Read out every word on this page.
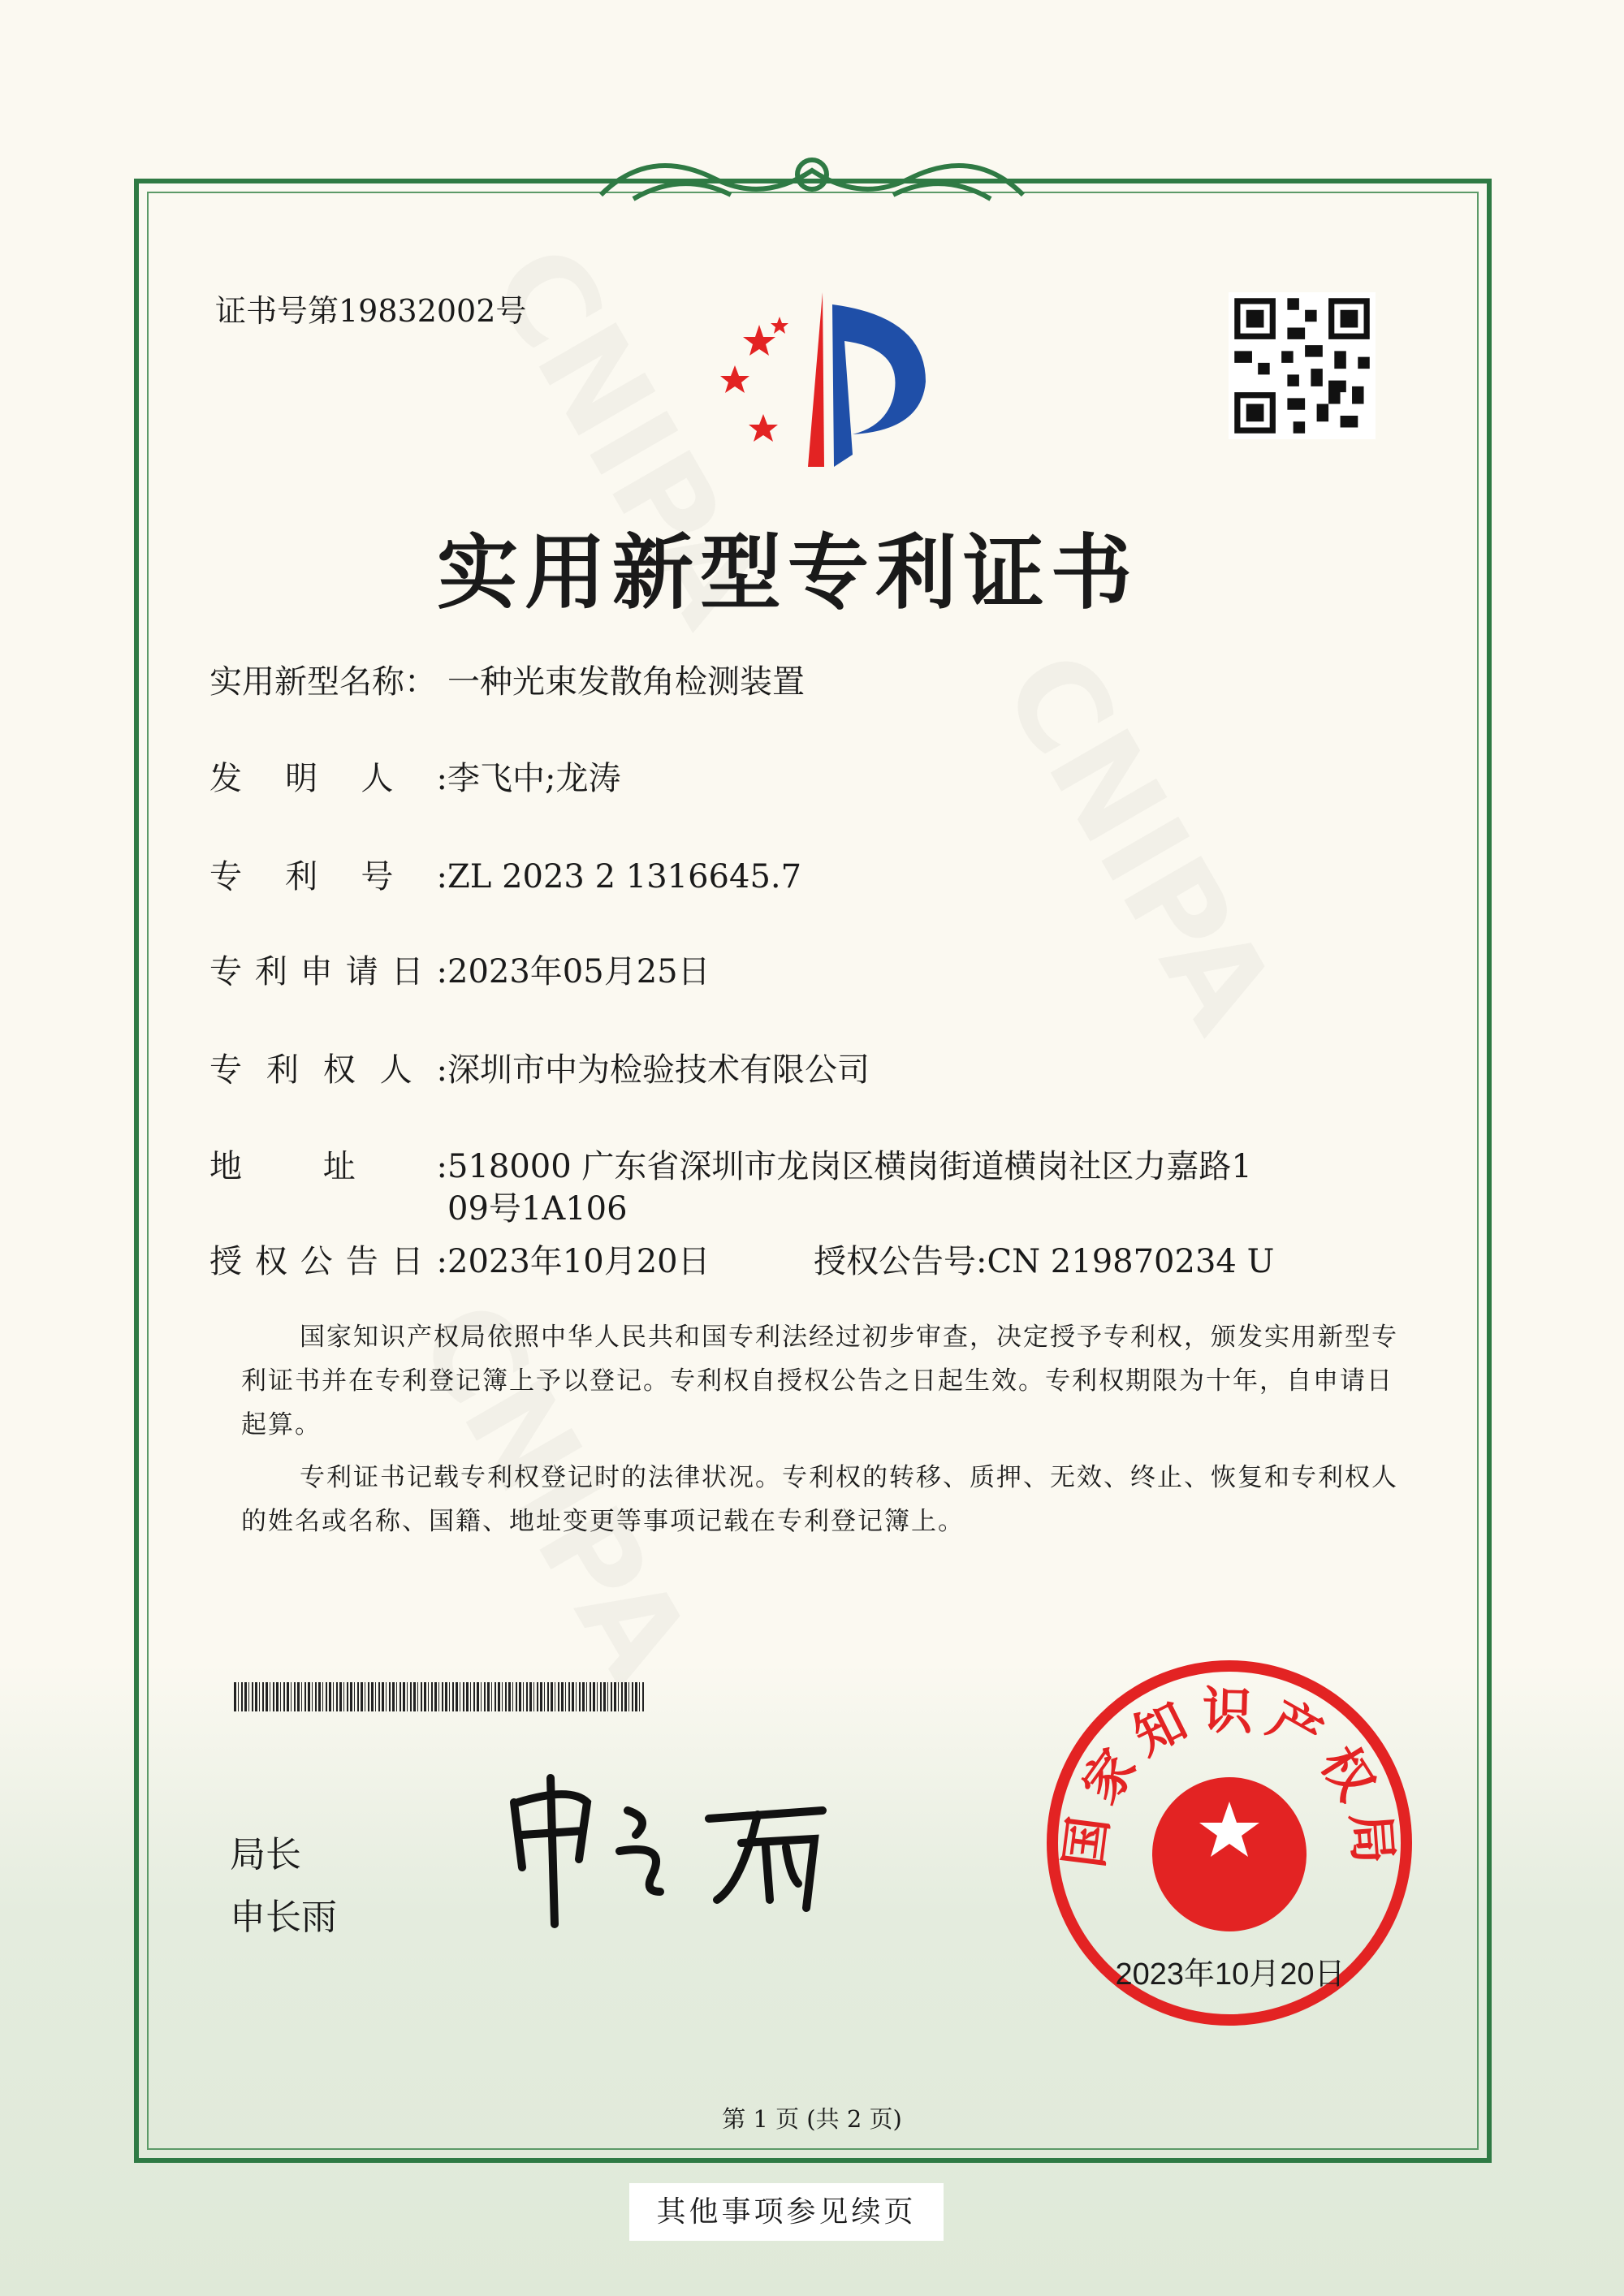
证书号第19832002号
实用新型专利证书
实用新型名称： 一种光束发散角检测装置
发明人:李飞中;龙涛
专利号:ZL 2023 2 1316645.7
专利申请日:2023年05月25日
专利权人:深圳市中为检验技术有限公司
地址:518000 广东省深圳市龙岗区横岗街道横岗社区力嘉路1
09号1A106
授权公告日:2023年10月20日	授权公告号:CN 219870234 U
国家知识产权局依照中华人民共和国专利法经过初步审查，决定授予专利权，颁发实用新型专利证书并在专利登记簿上予以登记。专利权自授权公告之日起生效。专利权期限为十年，自申请日起算。
专利证书记载专利权登记时的法律状况。专利权的转移、质押、无效、终止、恢复和专利权人的姓名或名称、国籍、地址变更等事项记载在专利登记簿上。
局长
申长雨
国家知识产权局
2023年10月20日
第 1 页 (共 2 页)
其他事项参见续页
